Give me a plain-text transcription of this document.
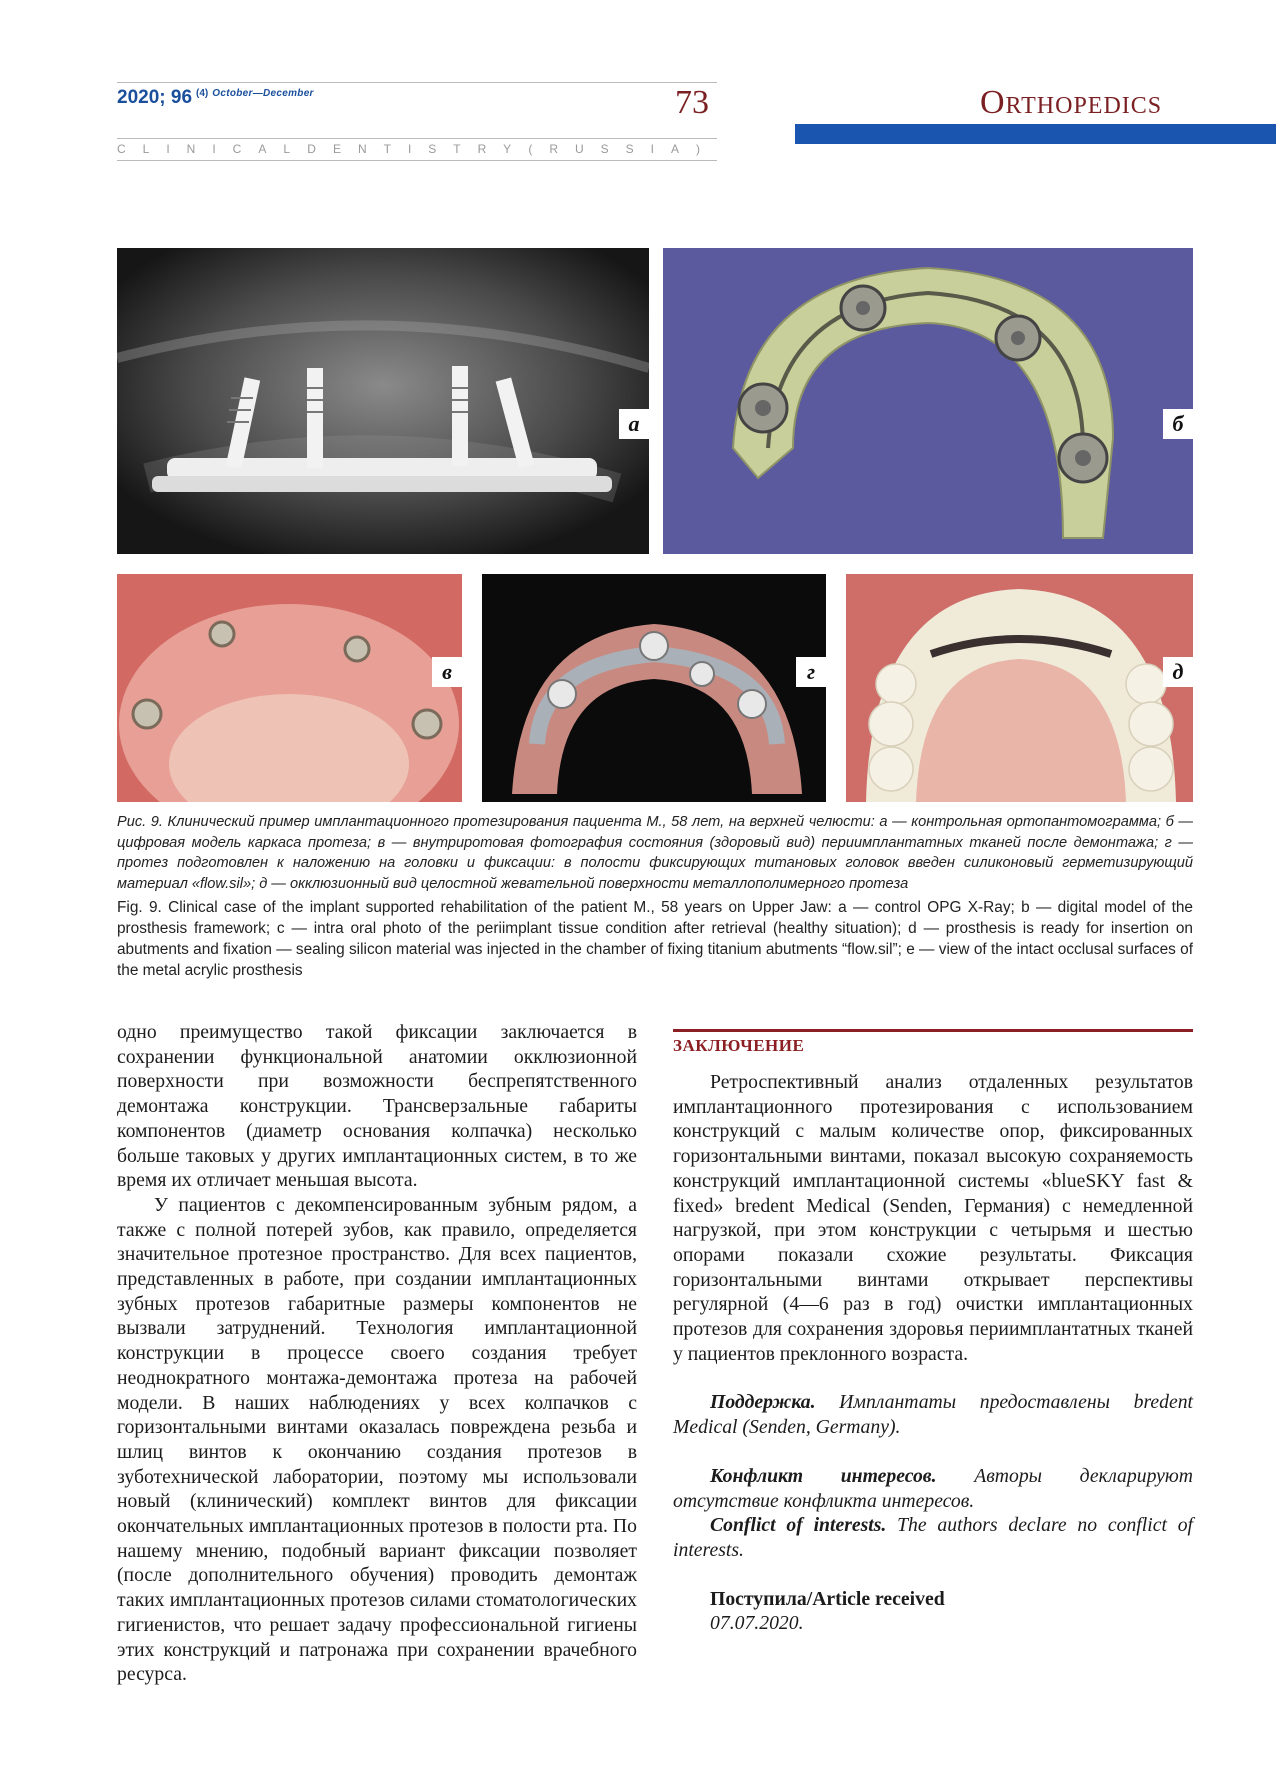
2020; 96 $^{(4)}$ $^{October—December}$	73
CLINICAL DENTISTRY (RUSSIA)
Orthopedics
а	б
в	г	д
Рис. 9. Клинический пример имплантационного протезирования пациента М., 58 лет, на верхней челюсти: а — контрольная ортопантомограмма; б — цифровая модель каркаса протеза; в — внутриротовая фотография состояния (здоровый вид) периимплантатных тканей после демонтажа; г — протез подготовлен к наложению на головки и фиксации: в полости фиксирующих титановых головок введен силиконовый герметизирующий материал «flow.sil»; д — окклюзионный вид целостной жевательной поверхности металлополимерного протеза
Fig. 9. Clinical case of the implant supported rehabilitation of the patient M., 58 years on Upper Jaw: a — control OPG X-Ray; b — digital model of the prosthesis framework; c — intra oral photo of the periimplant tissue condition after retrieval (healthy situation); d — prosthesis is ready for insertion on abutments and fixation — sealing silicon material was injected in the chamber of fixing titanium abutments “flow.sil”; e — view of the intact occlusal surfaces of the metal acrylic prosthesis

одно преимущество такой фиксации заключается в сохранении функциональной анатомии окклюзионной поверхности при возможности беспрепятственного демонтажа конструкции. Трансверзальные габариты компонентов (диаметр основания колпачка) несколько больше таковых у других имплантационных систем, в то же время их отличает меньшая высота.

У пациентов с декомпенсированным зубным рядом, а также с полной потерей зубов, как правило, определяется значительное протезное пространство. Для всех пациентов, представленных в работе, при создании имплантационных зубных протезов габаритные размеры компонентов не вызвали затруднений. Технология имплантационной конструкции в процессе своего создания требует неоднократного монтажа-демонтажа протеза на рабочей модели. В наших наблюдениях у всех колпачков с горизонтальными винтами оказалась повреждена резьба и шлиц винтов к окончанию создания протезов в зуботехнической лаборатории, поэтому мы использовали новый (клинический) комплект винтов для фиксации окончательных имплантационных протезов в полости рта. По нашему мнению, подобный вариант фиксации позволяет (после дополнительного обучения) проводить демонтаж таких имплантационных протезов силами стоматологических гигиенистов, что решает задачу профессиональной гигиены этих конструкций и патронажа при сохранении врачебного ресурса.

ЗАКЛЮЧЕНИЕ

Ретроспективный анализ отдаленных результатов имплантационного протезирования с использованием конструкций с малым количестве опор, фиксированных горизонтальными винтами, показал высокую сохраняемость конструкций имплантационной системы «blueSKY fast & fixed» bredent Medical (Senden, Германия) с немедленной нагрузкой, при этом конструкции с четырьмя и шестью опорами показали схожие результаты. Фиксация горизонтальными винтами открывает перспективы регулярной (4—6 раз в год) очистки имплантационных протезов для сохранения здоровья периимплантатных тканей у пациентов преклонного возраста.

Поддержка. Имплантаты предоставлены bredent Medical (Senden, Germany).

Конфликт интересов. Авторы декларируют отсутствие конфликта интересов.

Conflict of interests. The authors declare no conflict of interests.

Поступила/Article received

07.07.2020.
